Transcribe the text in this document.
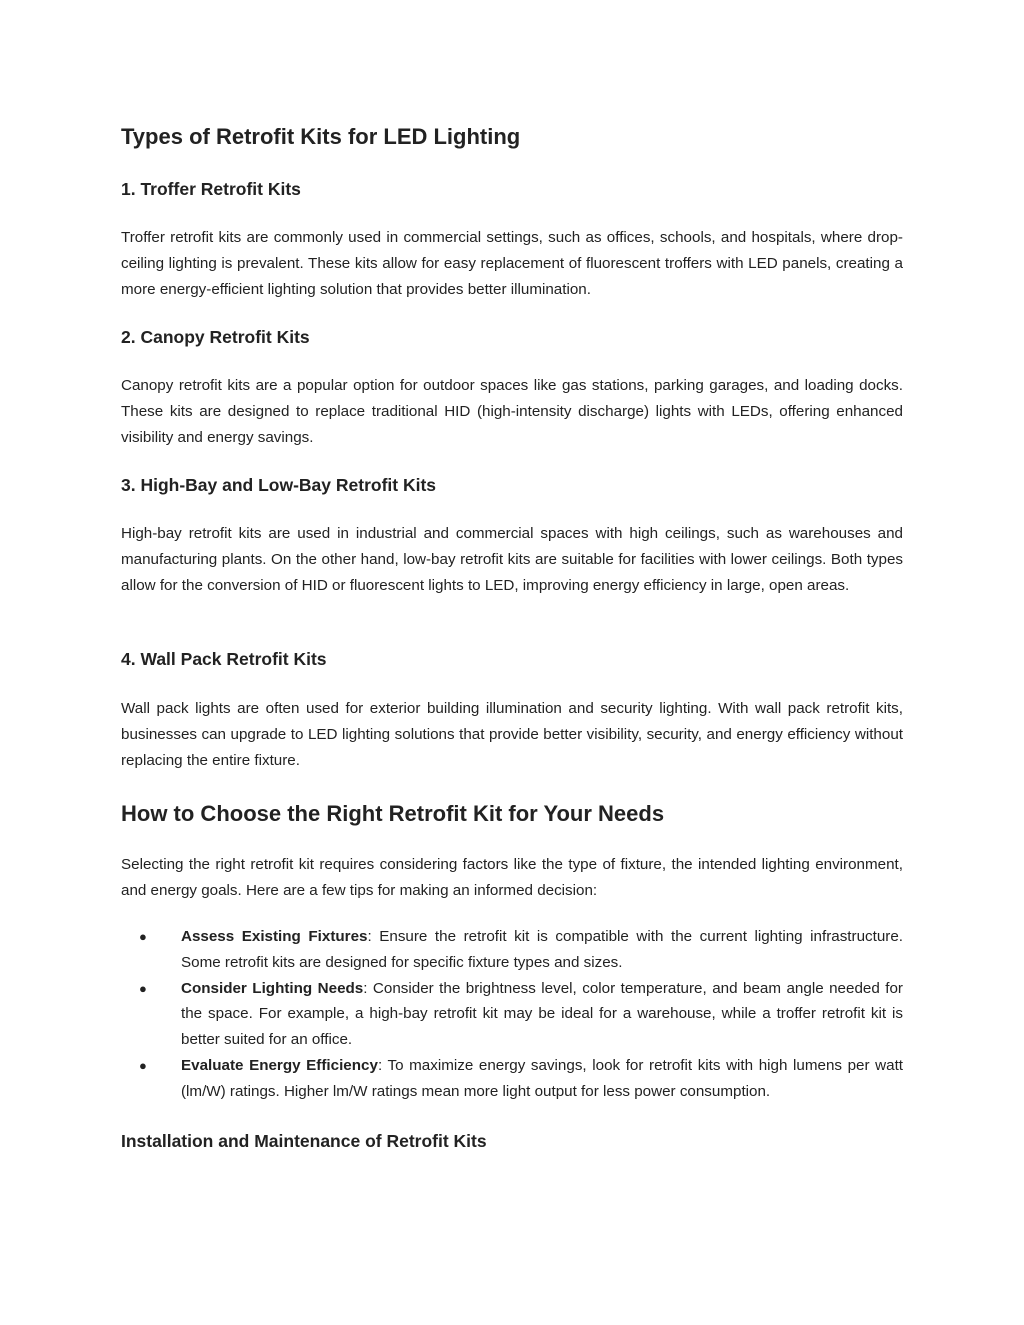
Types of Retrofit Kits for LED Lighting
1. Troffer Retrofit Kits

Troffer retrofit kits are commonly used in commercial settings, such as offices, schools, and hospitals, where drop-ceiling lighting is prevalent. These kits allow for easy replacement of fluorescent troffers with LED panels, creating a more energy-efficient lighting solution that provides better illumination.

2. Canopy Retrofit Kits

Canopy retrofit kits are a popular option for outdoor spaces like gas stations, parking garages, and loading docks. These kits are designed to replace traditional HID (high-intensity discharge) lights with LEDs, offering enhanced visibility and energy savings.

3. High-Bay and Low-Bay Retrofit Kits

High-bay retrofit kits are used in industrial and commercial spaces with high ceilings, such as warehouses and manufacturing plants. On the other hand, low-bay retrofit kits are suitable for facilities with lower ceilings. Both types allow for the conversion of HID or fluorescent lights to LED, improving energy efficiency in large, open areas.

4. Wall Pack Retrofit Kits

Wall pack lights are often used for exterior building illumination and security lighting. With wall pack retrofit kits, businesses can upgrade to LED lighting solutions that provide better visibility, security, and energy efficiency without replacing the entire fixture.

How to Choose the Right Retrofit Kit for Your Needs

Selecting the right retrofit kit requires considering factors like the type of fixture, the intended lighting environment, and energy goals. Here are a few tips for making an informed decision:

● Assess Existing Fixtures: Ensure the retrofit kit is compatible with the current lighting infrastructure. Some retrofit kits are designed for specific fixture types and sizes.
● Consider Lighting Needs: Consider the brightness level, color temperature, and beam angle needed for the space. For example, a high-bay retrofit kit may be ideal for a warehouse, while a troffer retrofit kit is better suited for an office.
● Evaluate Energy Efficiency: To maximize energy savings, look for retrofit kits with high lumens per watt (lm/W) ratings. Higher lm/W ratings mean more light output for less power consumption.
Installation and Maintenance of Retrofit Kits
